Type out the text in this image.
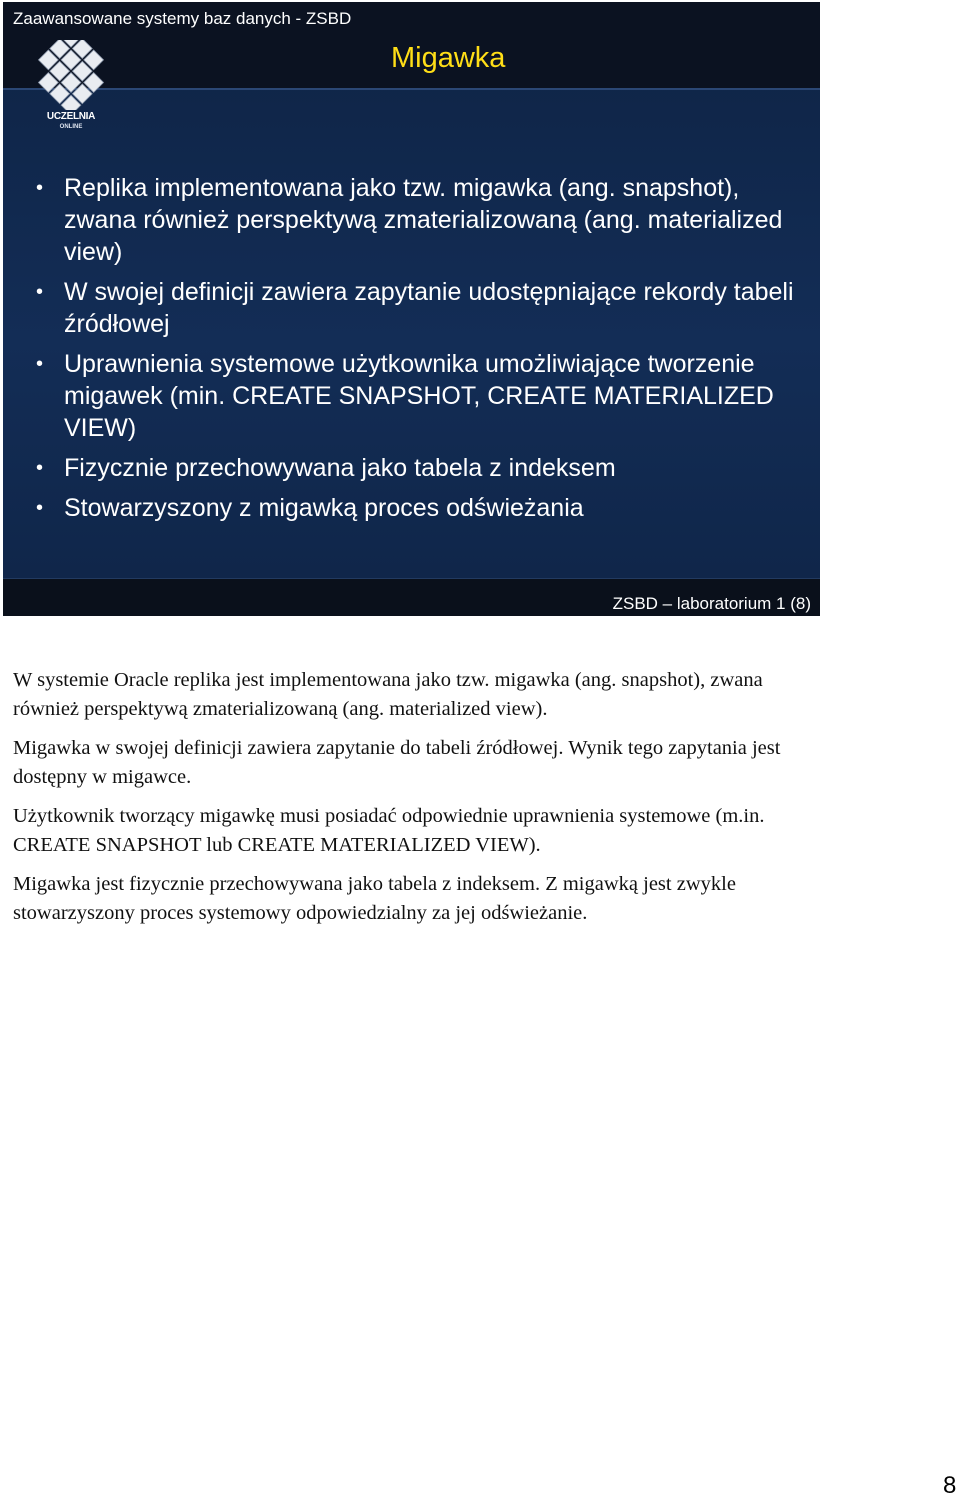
Zaawansowane systemy baz danych - ZSBD
Migawka
UCZELNIA
ONLINE
• Replika implementowana jako tzw. migawka (ang. snapshot), zwana również perspektywą zmaterializowaną (ang. materialized view)
• W swojej definicji zawiera zapytanie udostępniające rekordy tabeli źródłowej
• Uprawnienia systemowe użytkownika umożliwiające tworzenie migawek (min. CREATE SNAPSHOT, CREATE MATERIALIZED VIEW)
• Fizycznie przechowywana jako tabela z indeksem
• Stowarzyszony z migawką proces odświeżania
ZSBD – laboratorium 1 (8)

W systemie Oracle replika jest implementowana jako tzw. migawka (ang. snapshot), zwana również perspektywą zmaterializowaną (ang. materialized view).

Migawka w swojej definicji zawiera zapytanie do tabeli źródłowej. Wynik tego zapytania jest dostępny w migawce.

Użytkownik tworzący migawkę musi posiadać odpowiednie uprawnienia systemowe (m.in. CREATE SNAPSHOT lub CREATE MATERIALIZED VIEW).

Migawka jest fizycznie przechowywana jako tabela z indeksem. Z migawką jest zwykle stowarzyszony proces systemowy odpowiedzialny za jej odświeżanie.

8
